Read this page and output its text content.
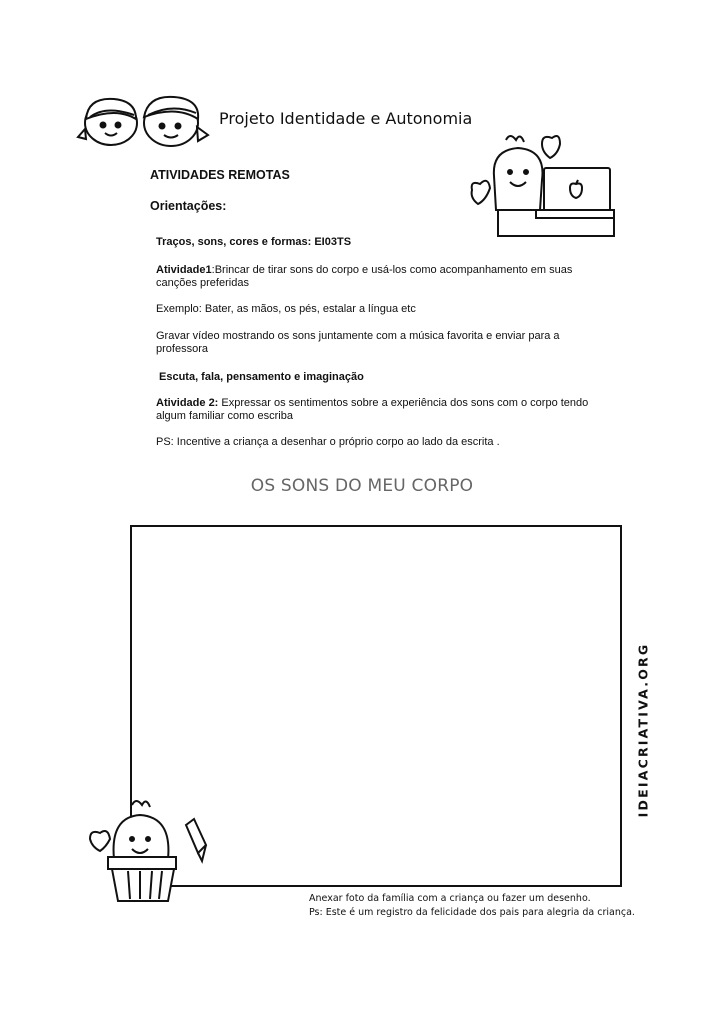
Projeto Identidade e Autonomia
ATIVIDADES REMOTAS
Orientações:
Traços, sons, cores e formas: EI03TS
Atividade1:Brincar de tirar sons do corpo e usá-los como acompanhamento em suas canções preferidas
Exemplo: Bater, as mãos, os pés, estalar a língua etc
Gravar vídeo mostrando os sons juntamente com a música favorita e enviar para a professora
Escuta, fala, pensamento e imaginação
Atividade 2: Expressar os sentimentos sobre a experiência dos sons com o corpo tendo algum familiar como escriba
PS: Incentive a criança a desenhar o próprio corpo ao lado da escrita .
OS SONS DO MEU CORPO
IDEIACRIATIVA.ORG
Anexar foto da família com a criança ou fazer um desenho.
Ps: Este é um registro da felicidade dos pais para alegria da criança.
